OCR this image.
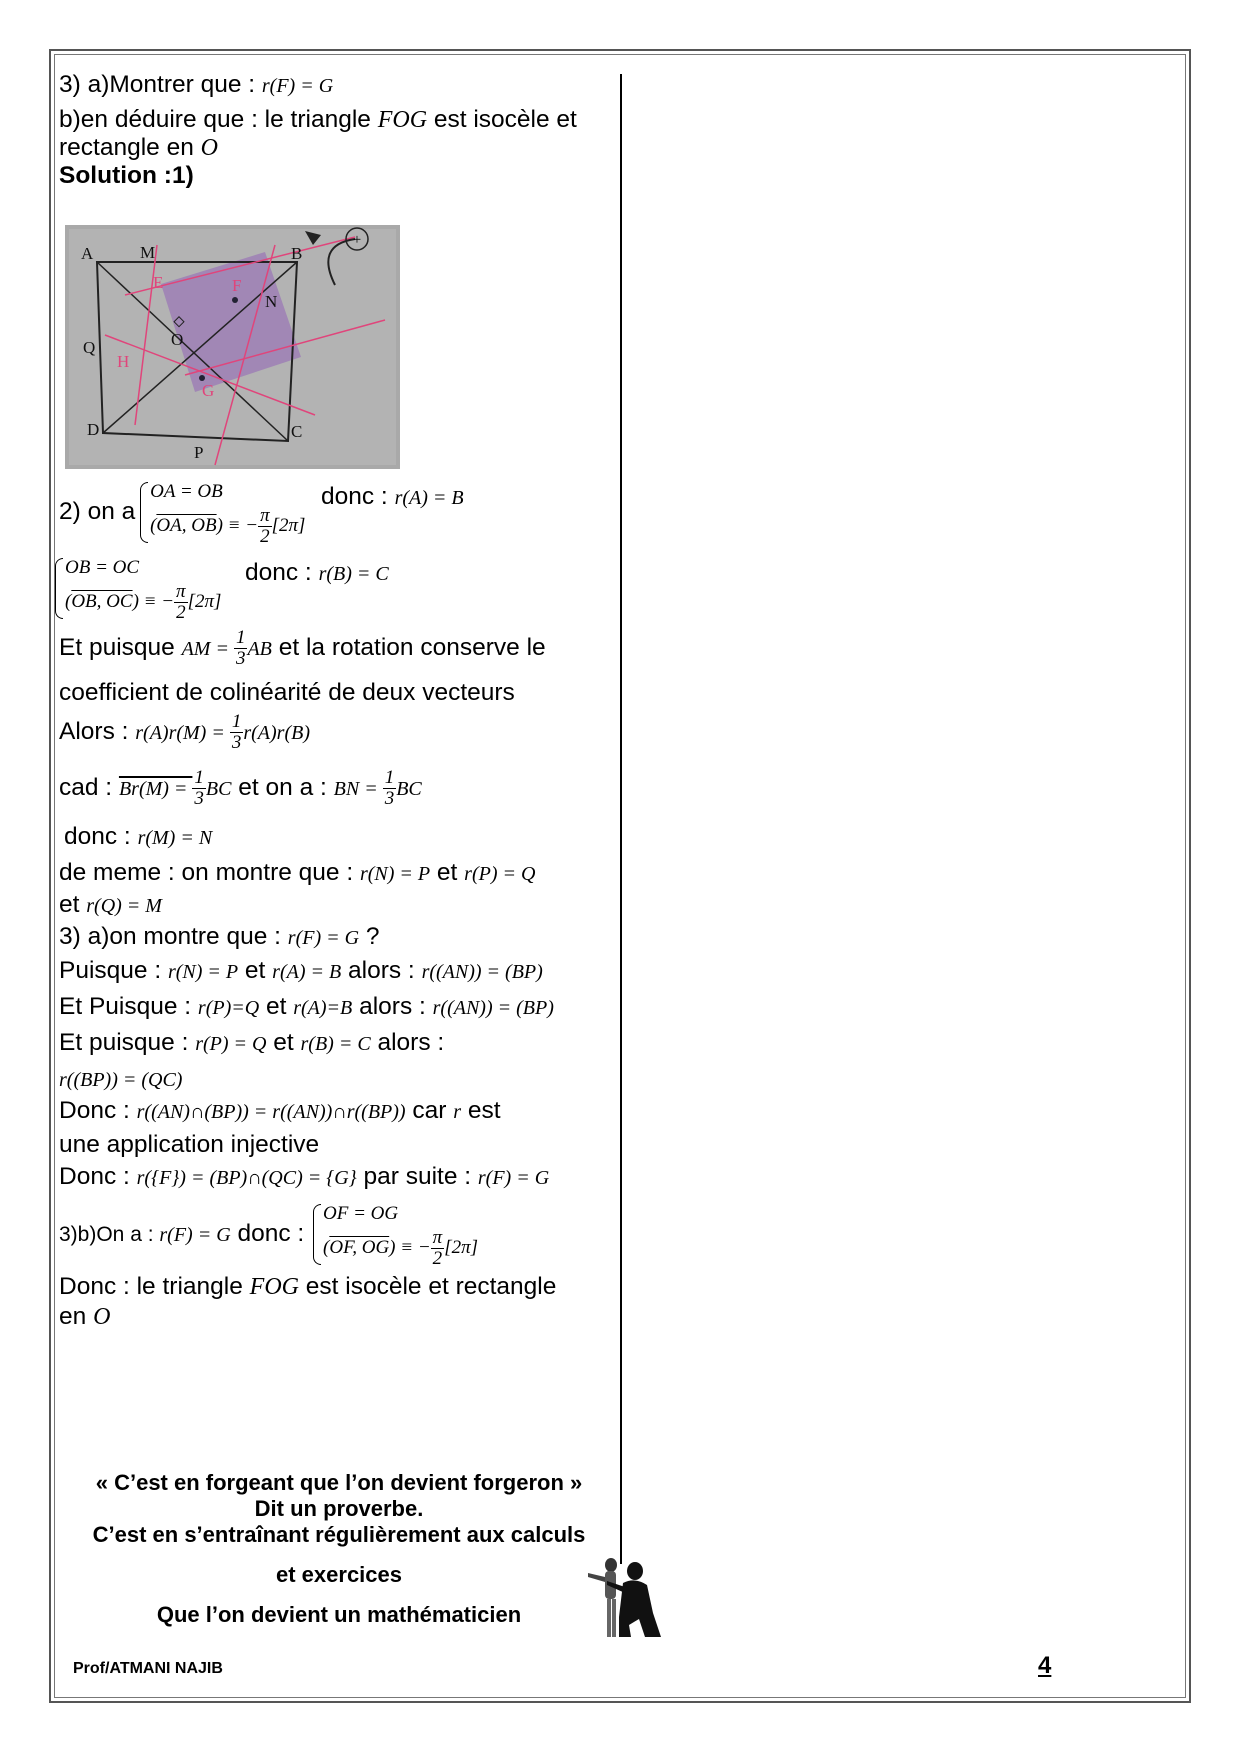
3) a)Montrer que : r(F) = G
b)en déduire que : le triangle FOG est isocèle et
rectangle en O
Solution :1)
+
A	M	B
E	F
N
O
Q
H
G
D	C
P
2) on a
OA = OB
(OA, OB) ≡ − $\frac{\pi}{2} [2\pi]$
donc : r(A) = B
OB = OC
(OB, OC) ≡ − $\frac{\pi}{2} [2\pi]$
donc : r(B) = C
Et puisque AM = $\frac{1}{3}$ AB et la rotation conserve le
coefficient de colinéarité de deux vecteurs
Alors : $r(A)r(M) = \frac{1}{3} r(A)r(B)$
cad : $Br(M) = \frac{1}{3}$ BC et on a : BN = $\frac{1}{3}$ BC
donc : r(M) = N
de meme : on montre que : r(N) = P et r(P) = Q
et r(Q) = M
3) a)on montre que : r(F) = G ?
Puisque : r(N) = P et r(A) = B alors : r((AN)) = (BP)
Et Puisque : r(P)=Q et r(A)=B alors : r((AN)) = (BP)
Et puisque : r(P) = Q et r(B) = C alors :
r((BP)) = (QC)
Donc : r((AN)∩(BP)) = r((AN))∩r((BP)) car r est
une application injective
Donc : r({F}) = (BP)∩(QC) = {G} par suite : r(F) = G
3)b)On a : r(F) = G donc :
OF = OG
(OF, OG) ≡ − $\frac{\pi}{2} [2\pi]$
Donc : le triangle FOG est isocèle et rectangle
en O
« C’est en forgeant que l’on devient forgeron »
Dit un proverbe.
C’est en s’entraînant régulièrement aux calculs
et exercices
Que l’on devient un mathématicien
Prof/ATMANI NAJIB	4
